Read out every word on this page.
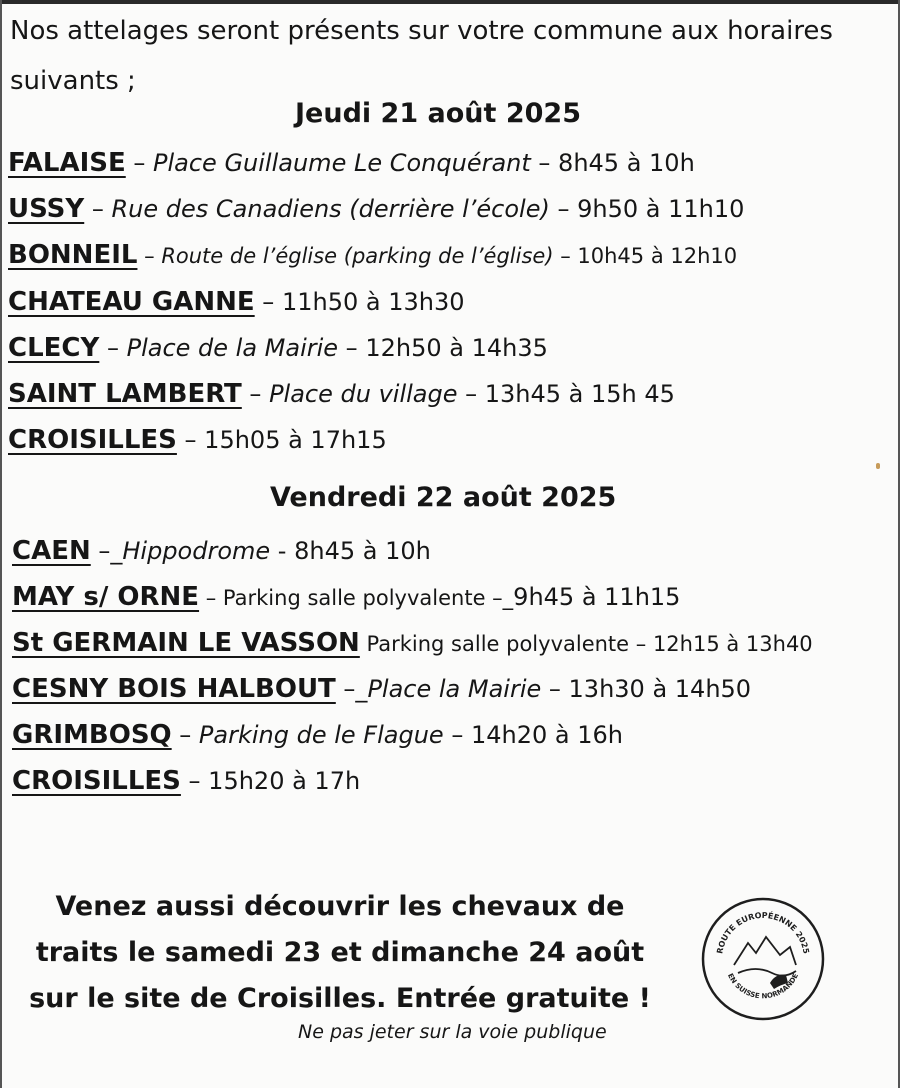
Nos attelages seront présents sur votre commune aux horaires suivants ;

Jeudi 21 août 2025
FALAISE – Place Guillaume Le Conquérant – 8h45 à 10h
USSY – Rue des Canadiens (derrière l’école) – 9h50 à 11h10
BONNEIL – Route de l’église (parking de l’église) – 10h45 à 12h10
CHATEAU GANNE – 11h50 à 13h30
CLECY – Place de la Mairie – 12h50 à 14h35
SAINT LAMBERT – Place du village – 13h45 à 15h 45
CROISILLES – 15h05 à 17h15
Vendredi 22 août 2025
CAEN –_Hippodrome - 8h45 à 10h
MAY s/ ORNE – Parking salle polyvalente –_9h45 à 11h15
St GERMAIN LE VASSON Parking salle polyvalente – 12h15 à 13h40
CESNY BOIS HALBOUT –_Place la Mairie – 13h30 à 14h50
GRIMBOSQ – Parking de le Flague – 14h20 à 16h
CROISILLES – 15h20 à 17h

Venez aussi découvrir les chevaux de
traits le samedi 23 et dimanche 24 août
sur le site de Croisilles. Entrée gratuite !

Ne pas jeter sur la voie publique

ROUTE EUROPÉENNE 2025
EN SUISSE NORMANDE
